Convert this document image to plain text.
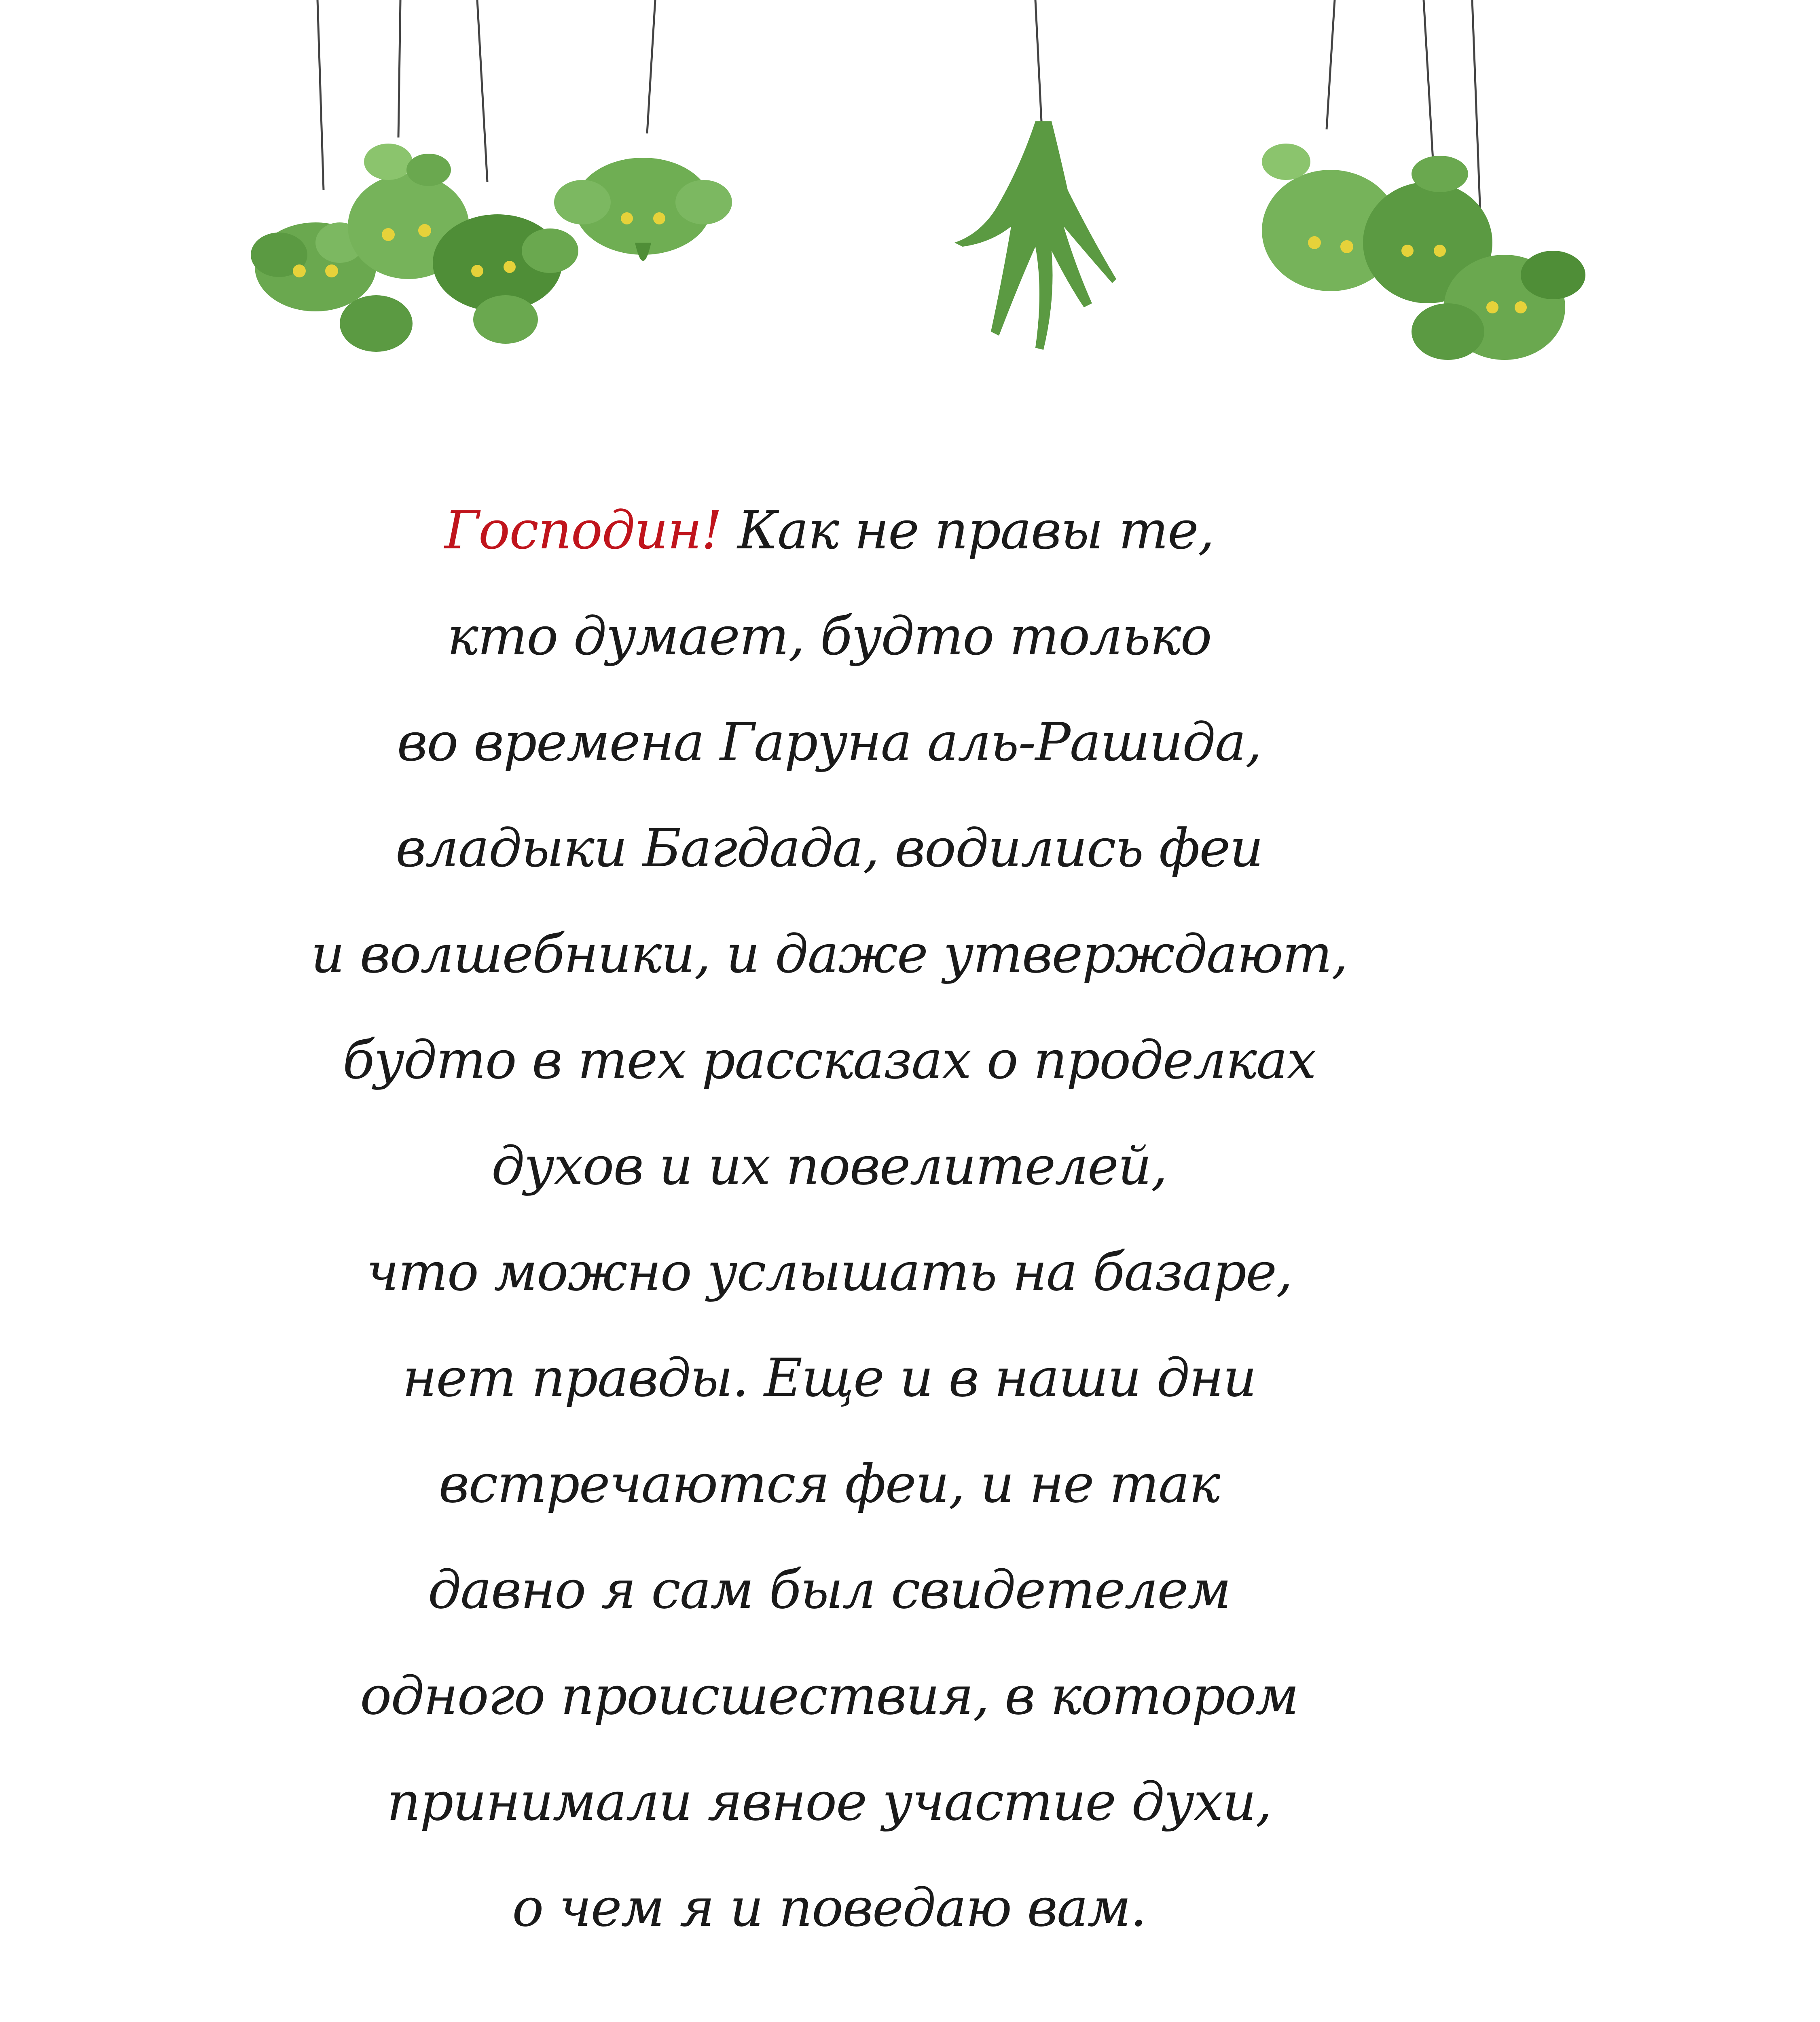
Господин! Как не правы те,
кто думает, будто только
во времена Гаруна аль-Рашида,
владыки Багдада, водились феи
и волшебники, и даже утверждают,
будто в тех рассказах о проделках
духов и их повелителей,
что можно услышать на базаре,
нет правды. Еще и в наши дни
встречаются феи, и не так
давно я сам был свидетелем
одного происшествия, в котором
принимали явное участие духи,
о чем я и поведаю вам.
